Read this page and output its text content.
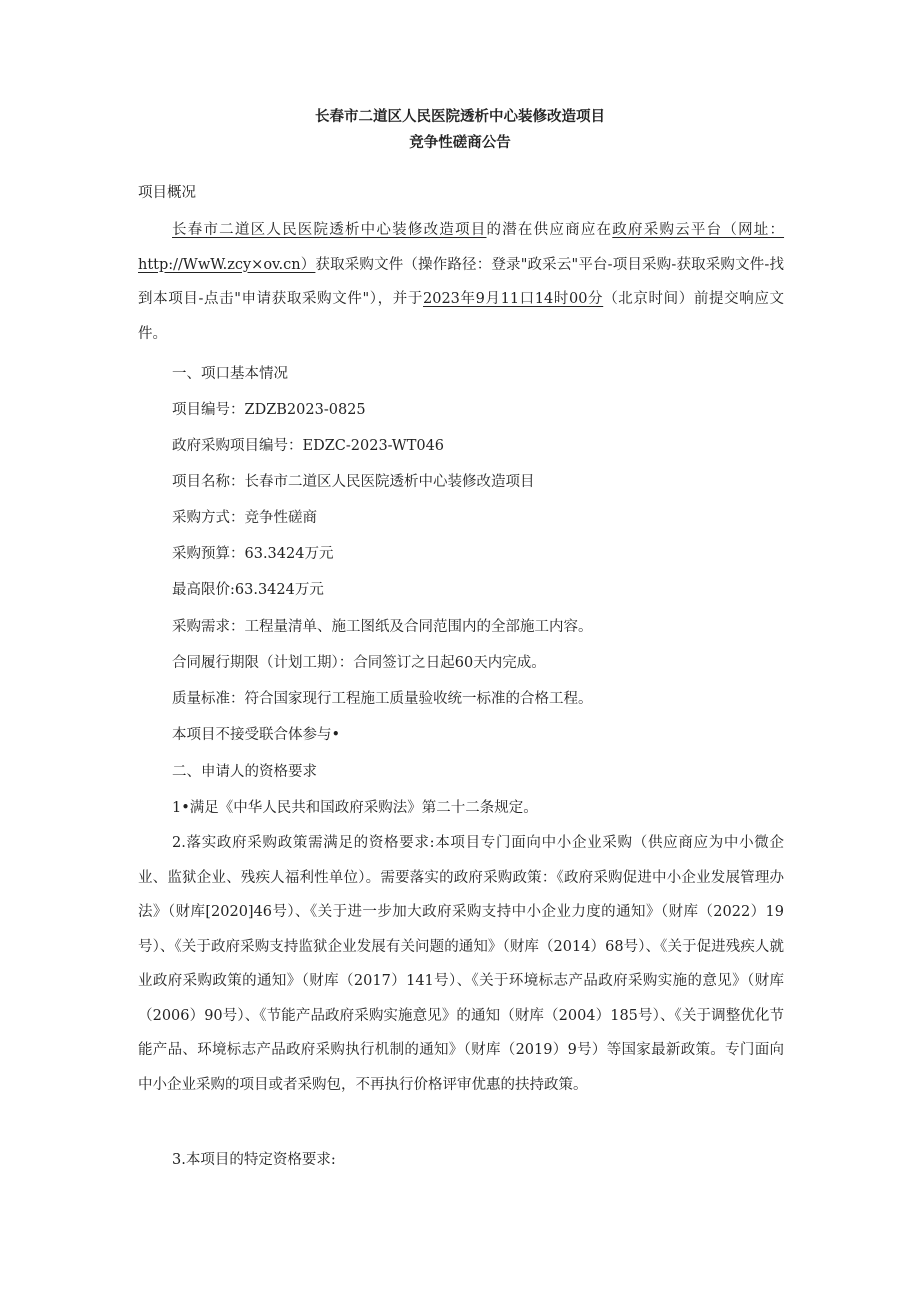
长春市二道区人民医院透析中心装修改造项目
竞争性磋商公告
项目概况
长春市二道区人民医院透析中心装修改造项目的潜在供应商应在政府采购云平台（网址： http://WwW.zcy×ov.cn）获取采购文件（操作路径：登录"政采云"平台-项目采购-获取采购文件-找到本项目-点击"申请获取采购文件"），并于2023年9月11口14时00分（北京时间）前提交响应文件。
一、项口基本情况
项目编号：ZDZB2023-0825
政府采购项目编号：EDZC-2023-WT046
项目名称：长春市二道区人民医院透析中心装修改造项目
采购方式：竞争性磋商
采购预算：63.3424万元
最高限价:63.3424万元
采购需求：工程量清单、施工图纸及合同范围内的全部施工内容。
合同履行期限（计划工期）：合同签订之日起60天内完成。
质量标准：符合国家现行工程施工质量验收统一标准的合格工程。
本项目不接受联合体参与•
二、申请人的资格要求
1•满足《中华人民共和国政府采购法》第二十二条规定。
2.落实政府采购政策需满足的资格要求:本项目专门面向中小企业采购（供应商应为中小微企业、监狱企业、残疾人福利性单位）。需要落实的政府采购政策：《政府采购促进中小企业发展管理办法》（财库[2020]46号）、《关于进一步加大政府采购支持中小企业力度的通知》（财库（2022）19号）、《关于政府采购支持监狱企业发展有关问题的通知》（财库（2014）68号）、《关于促进残疾人就业政府采购政策的通知》（财库（2017）141号）、《关于环境标志产品政府采购实施的意见》（财库（2006）90号）、《节能产品政府采购实施意见》的通知（财库（2004）185号）、《关于调整优化节能产品、环境标志产品政府采购执行机制的通知》（财库（2019）9号）等国家最新政策。专门面向中小企业采购的项目或者采购包，不再执行价格评审优惠的扶持政策。
3.本项目的特定资格要求:
